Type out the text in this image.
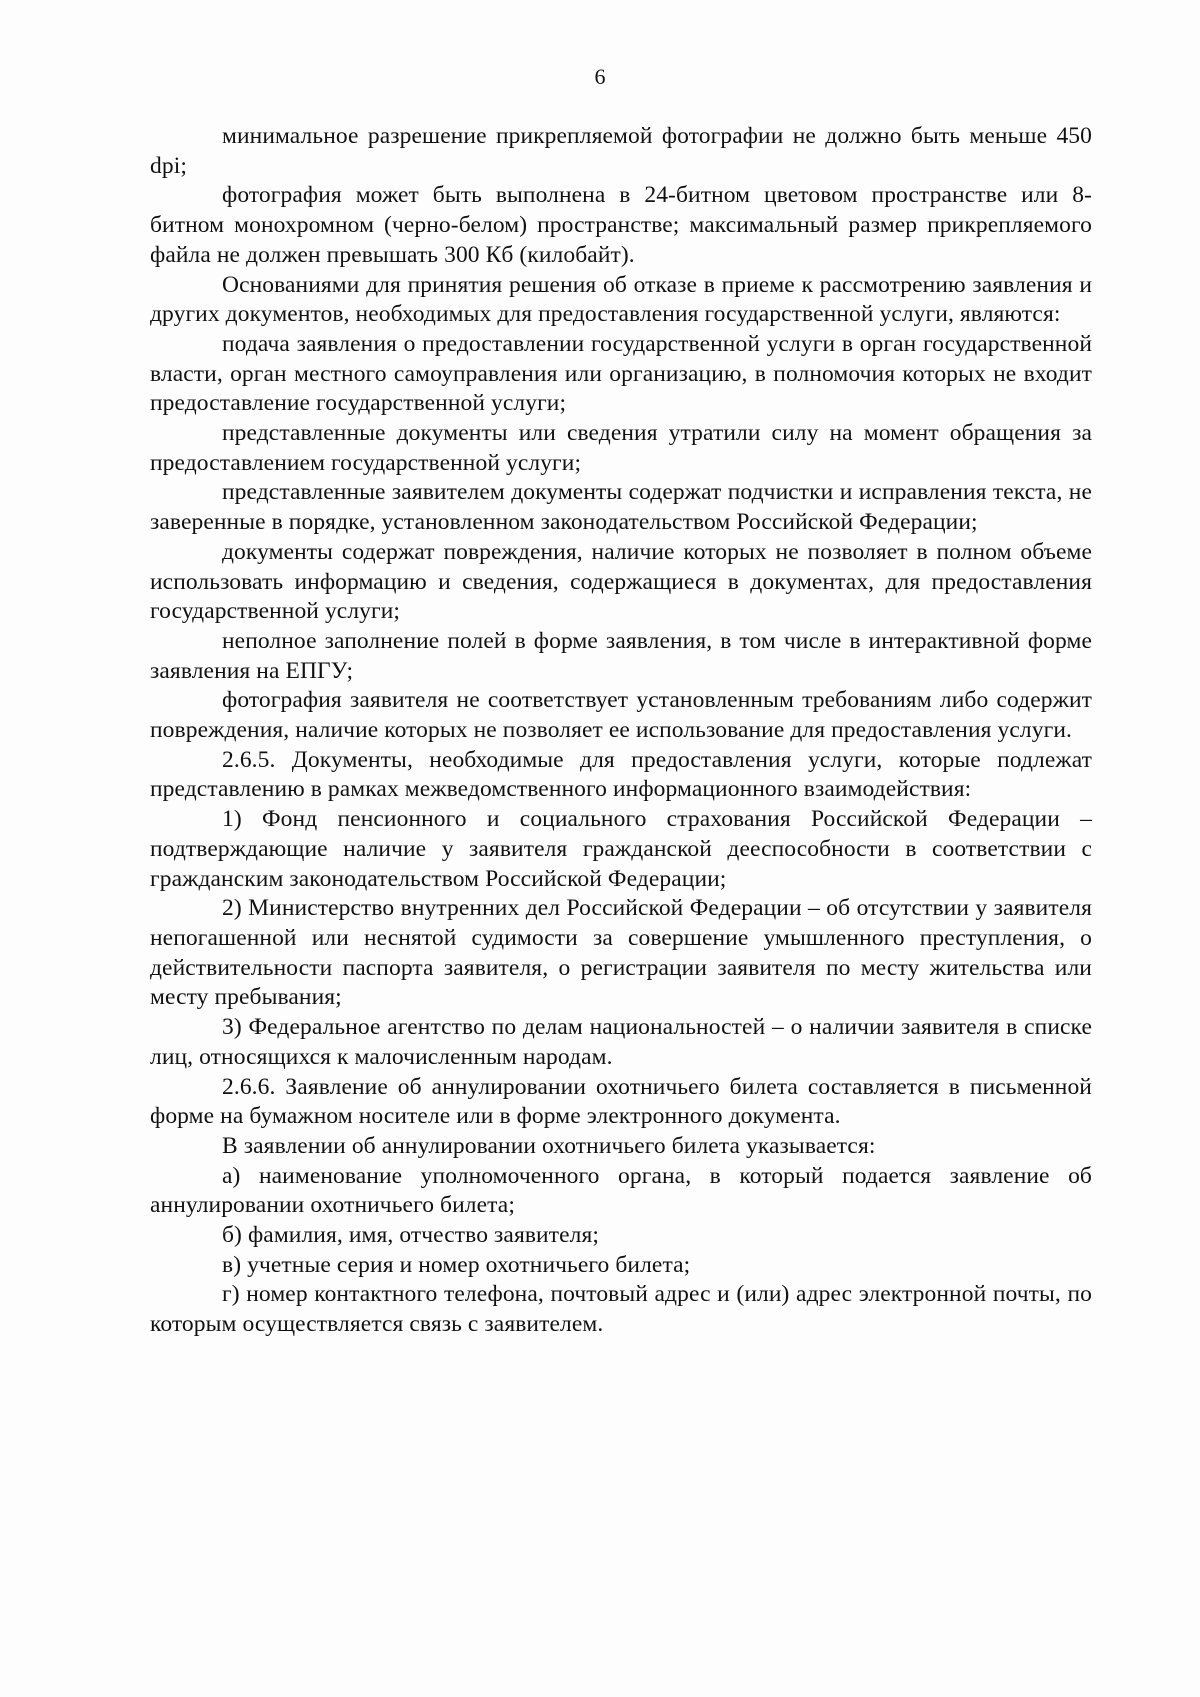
6

минимальное разрешение прикрепляемой фотографии не должно быть меньше 450 dpi;

фотография может быть выполнена в 24-битном цветовом пространстве или 8-битном монохромном (черно-белом) пространстве; максимальный размер прикрепляемого файла не должен превышать 300 Кб (килобайт).

Основаниями для принятия решения об отказе в приеме к рассмотрению заявления и других документов, необходимых для предоставления государственной услуги, являются:

подача заявления о предоставлении государственной услуги в орган государственной власти, орган местного самоуправления или организацию, в полномочия которых не входит предоставление государственной услуги;

представленные документы или сведения утратили силу на момент обращения за предоставлением государственной услуги;

представленные заявителем документы содержат подчистки и исправления текста, не заверенные в порядке, установленном законодательством Российской Федерации;

документы содержат повреждения, наличие которых не позволяет в полном объеме использовать информацию и сведения, содержащиеся в документах, для предоставления государственной услуги;

неполное заполнение полей в форме заявления, в том числе в интерактивной форме заявления на ЕПГУ;

фотография заявителя не соответствует установленным требованиям либо содержит повреждения, наличие которых не позволяет ее использование для предоставления услуги.

2.6.5. Документы, необходимые для предоставления услуги, которые подлежат представлению в рамках межведомственного информационного взаимодействия:

1) Фонд пенсионного и социального страхования Российской Федерации – подтверждающие наличие у заявителя гражданской дееспособности в соответствии с гражданским законодательством Российской Федерации;

2) Министерство внутренних дел Российской Федерации – об отсутствии у заявителя непогашенной или неснятой судимости за совершение умышленного преступления, о действительности паспорта заявителя, о регистрации заявителя по месту жительства или месту пребывания;

3) Федеральное агентство по делам национальностей – о наличии заявителя в списке лиц, относящихся к малочисленным народам.

2.6.6. Заявление об аннулировании охотничьего билета составляется в письменной форме на бумажном носителе или в форме электронного документа.

В заявлении об аннулировании охотничьего билета указывается:

а) наименование уполномоченного органа, в который подается заявление об аннулировании охотничьего билета;

б) фамилия, имя, отчество заявителя;

в) учетные серия и номер охотничьего билета;

г) номер контактного телефона, почтовый адрес и (или) адрес электронной почты, по которым осуществляется связь с заявителем.
